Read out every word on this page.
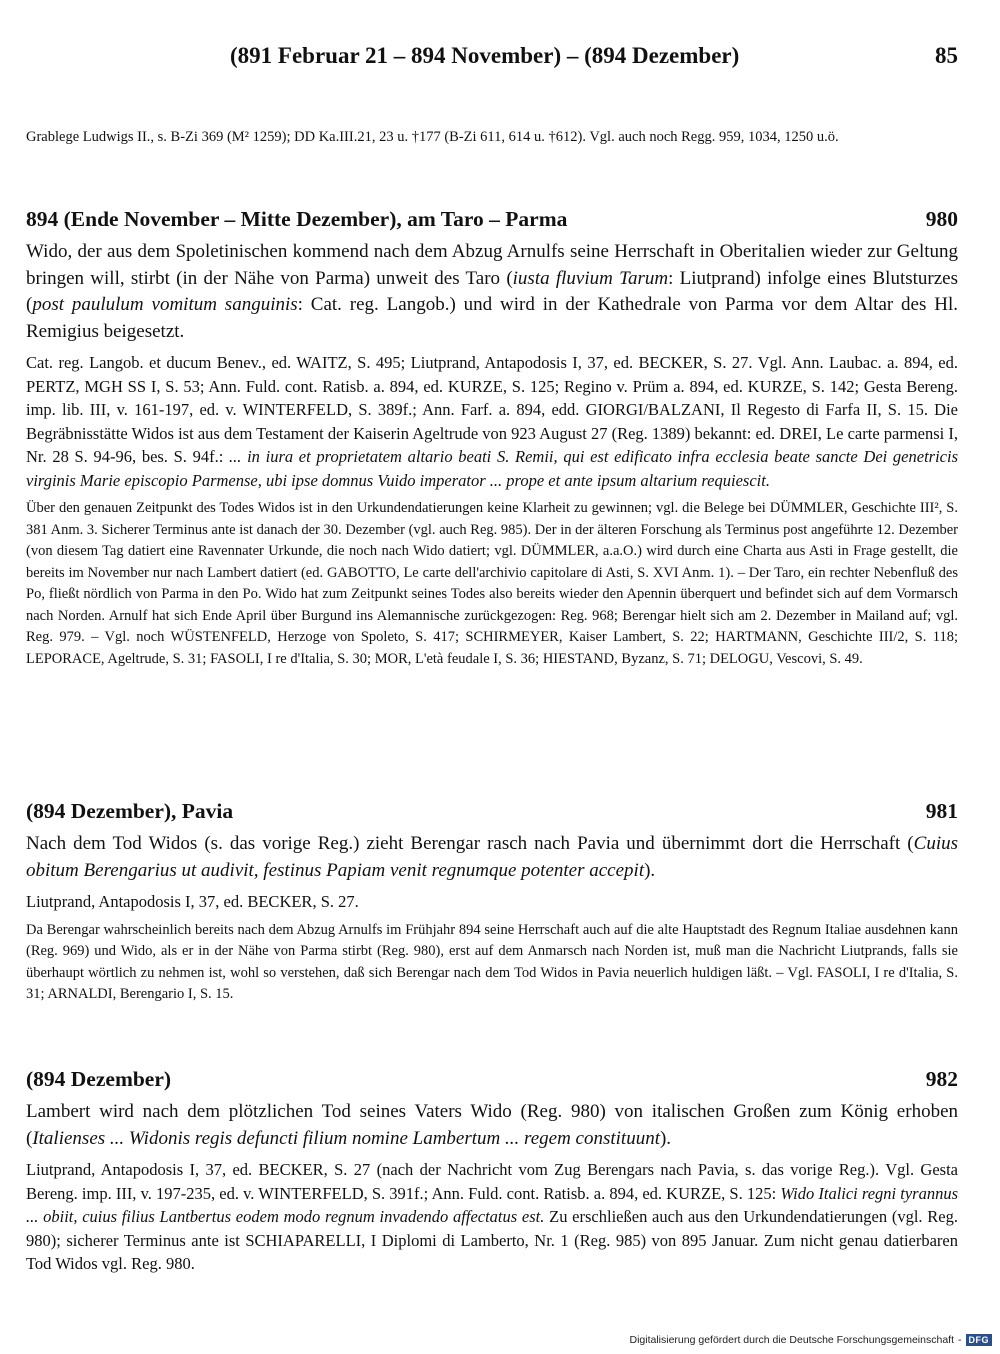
(891 Februar 21 – 894 November) – (894 Dezember)	85

Grablege Ludwigs II., s. B-Zi 369 (M² 1259); DD Ka.III.21, 23 u. †177 (B-Zi 611, 614 u. †612). Vgl. auch noch Regg. 959, 1034, 1250 u.ö.

894 (Ende November – Mitte Dezember), am Taro – Parma	980

Wido, der aus dem Spoletinischen kommend nach dem Abzug Arnulfs seine Herrschaft in Oberitalien wieder zur Geltung bringen will, stirbt (in der Nähe von Parma) unweit des Taro (iusta fluvium Tarum: Liutprand) infolge eines Blutsturzes (post paululum vomitum sanguinis: Cat. reg. Langob.) und wird in der Kathedrale von Parma vor dem Altar des Hl. Remigius beigesetzt.

Cat. reg. Langob. et ducum Benev., ed. WAITZ, S. 495; Liutprand, Antapodosis I, 37, ed. BECKER, S. 27. Vgl. Ann. Laubac. a. 894, ed. PERTZ, MGH SS I, S. 53; Ann. Fuld. cont. Ratisb. a. 894, ed. KURZE, S. 125; Regino v. Prüm a. 894, ed. KURZE, S. 142; Gesta Bereng. imp. lib. III, v. 161-197, ed. v. WINTERFELD, S. 389f.; Ann. Farf. a. 894, edd. GIORGI/BALZANI, Il Regesto di Farfa II, S. 15. Die Begräbnisstätte Widos ist aus dem Testament der Kaiserin Ageltrude von 923 August 27 (Reg. 1389) bekannt: ed. DREI, Le carte parmensi I, Nr. 28 S. 94-96, bes. S. 94f.: ... in iura et proprietatem altario beati S. Remii, qui est edificato infra ecclesia beate sancte Dei genetricis virginis Marie episcopio Parmense, ubi ipse domnus Vuido imperator ... prope et ante ipsum altarium requiescit.

Über den genauen Zeitpunkt des Todes Widos ist in den Urkundendatierungen keine Klarheit zu gewinnen; vgl. die Belege bei DÜMMLER, Geschichte III², S. 381 Anm. 3. Sicherer Terminus ante ist danach der 30. Dezember (vgl. auch Reg. 985). Der in der älteren Forschung als Terminus post angeführte 12. Dezember (von diesem Tag datiert eine Ravennater Urkunde, die noch nach Wido datiert; vgl. DÜMMLER, a.a.O.) wird durch eine Charta aus Asti in Frage gestellt, die bereits im November nur nach Lambert datiert (ed. GABOTTO, Le carte dell'archivio capitolare di Asti, S. XVI Anm. 1). – Der Taro, ein rechter Nebenfluß des Po, fließt nördlich von Parma in den Po. Wido hat zum Zeitpunkt seines Todes also bereits wieder den Apennin überquert und befindet sich auf dem Vormarsch nach Norden. Arnulf hat sich Ende April über Burgund ins Alemannische zurückgezogen: Reg. 968; Berengar hielt sich am 2. Dezember in Mailand auf; vgl. Reg. 979. – Vgl. noch WÜSTENFELD, Herzoge von Spoleto, S. 417; SCHIRMEYER, Kaiser Lambert, S. 22; HARTMANN, Geschichte III/2, S. 118; LEPORACE, Ageltrude, S. 31; FASOLI, I re d'Italia, S. 30; MOR, L'età feudale I, S. 36; HIESTAND, Byzanz, S. 71; DELOGU, Vescovi, S. 49.

(894 Dezember), Pavia	981

Nach dem Tod Widos (s. das vorige Reg.) zieht Berengar rasch nach Pavia und übernimmt dort die Herrschaft (Cuius obitum Berengarius ut audivit, festinus Papiam venit regnumque potenter accepit).

Liutprand, Antapodosis I, 37, ed. BECKER, S. 27.

Da Berengar wahrscheinlich bereits nach dem Abzug Arnulfs im Frühjahr 894 seine Herrschaft auch auf die alte Hauptstadt des Regnum Italiae ausdehnen kann (Reg. 969) und Wido, als er in der Nähe von Parma stirbt (Reg. 980), erst auf dem Anmarsch nach Norden ist, muß man die Nachricht Liutprands, falls sie überhaupt wörtlich zu nehmen ist, wohl so verstehen, daß sich Berengar nach dem Tod Widos in Pavia neuerlich huldigen läßt. – Vgl. FASOLI, I re d'Italia, S. 31; ARNALDI, Berengario I, S. 15.

(894 Dezember)	982

Lambert wird nach dem plötzlichen Tod seines Vaters Wido (Reg. 980) von italischen Großen zum König erhoben (Italienses ... Widonis regis defuncti filium nomine Lambertum ... regem constituunt).

Liutprand, Antapodosis I, 37, ed. BECKER, S. 27 (nach der Nachricht vom Zug Berengars nach Pavia, s. das vorige Reg.). Vgl. Gesta Bereng. imp. III, v. 197-235, ed. v. WINTERFELD, S. 391f.; Ann. Fuld. cont. Ratisb. a. 894, ed. KURZE, S. 125: Wido Italici regni tyrannus ... obiit, cuius filius Lantbertus eodem modo regnum invadendo affectatus est. Zu erschließen auch aus den Urkundendatierungen (vgl. Reg. 980); sicherer Terminus ante ist SCHIAPARELLI, I Diplomi di Lamberto, Nr. 1 (Reg. 985) von 895 Januar. Zum nicht genau datierbaren Tod Widos vgl. Reg. 980.

Digitalisierung gefördert durch die Deutsche Forschungsgemeinschaft - DFG
